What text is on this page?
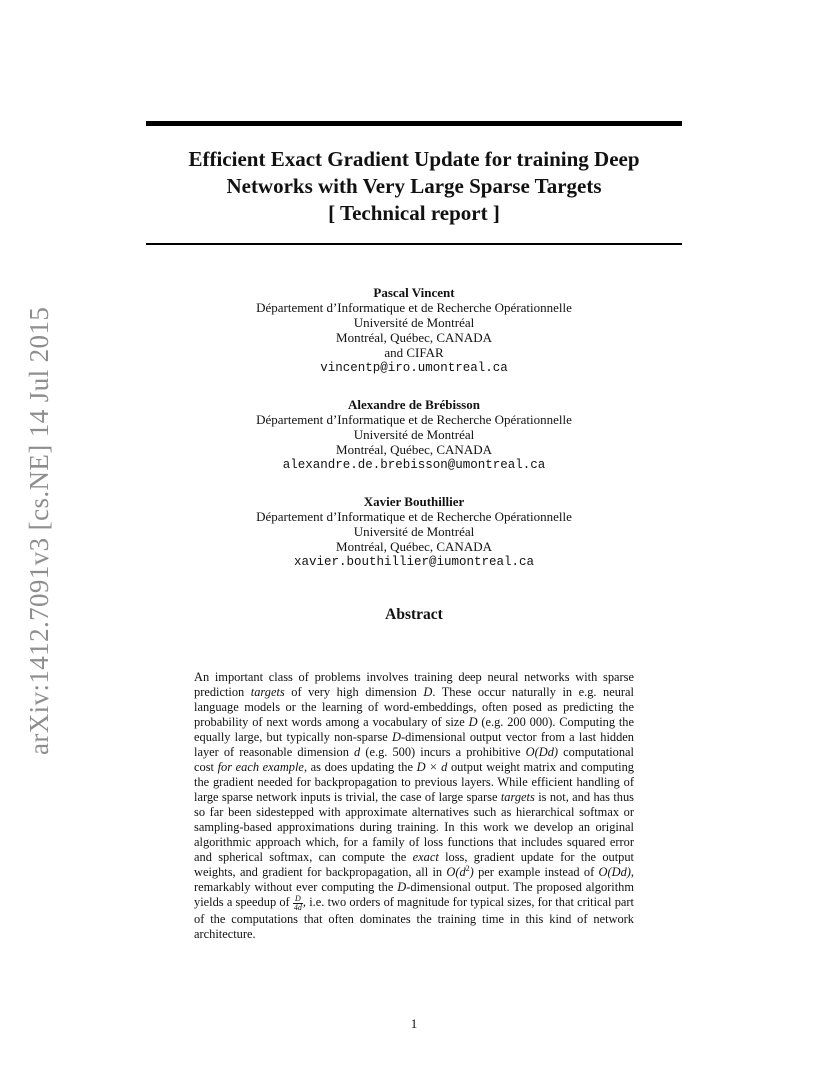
Efficient Exact Gradient Update for training Deep
Networks with Very Large Sparse Targets
[ Technical report ]
arXiv:1412.7091v3 [cs.NE] 14 Jul 2015
Pascal Vincent
Département d’Informatique et de Recherche Opérationnelle
Université de Montréal
Montréal, Québec, CANADA
and CIFAR
vincentp@iro.umontreal.ca
Alexandre de Brébisson
Département d’Informatique et de Recherche Opérationnelle
Université de Montréal
Montréal, Québec, CANADA
alexandre.de.brebisson@umontreal.ca
Xavier Bouthillier
Département d’Informatique et de Recherche Opérationnelle
Université de Montréal
Montréal, Québec, CANADA
xavier.bouthillier@iumontreal.ca
Abstract

An important class of problems involves training deep neural networks with sparse prediction targets of very high dimension D. These occur naturally in e.g. neural language models or the learning of word-embeddings, often posed as predicting the probability of next words among a vocabulary of size D (e.g. 200 000). Computing the equally large, but typically non-sparse D-dimensional output vector from a last hidden layer of reasonable dimension d (e.g. 500) incurs a prohibitive O(Dd) computational cost for each example, as does updating the D × d output weight matrix and computing the gradient needed for backpropagation to previous layers. While efficient handling of large sparse network inputs is trivial, the case of large sparse targets is not, and has thus so far been sidestepped with approximate alternatives such as hierarchical softmax or sampling-based approximations during training. In this work we develop an original algorithmic approach which, for a family of loss functions that includes squared error and spherical softmax, can compute the exact loss, gradient update for the output weights, and gradient for backpropagation, all in $O(d^2)$ per example instead of O(Dd), remarkably without ever computing the D-dimensional output. The proposed algorithm yields a speedup of $\frac{D}{4d}$ , i.e. two orders of magnitude for typical sizes, for that critical part of the computations that often dominates the training time in this kind of network architecture.

1
